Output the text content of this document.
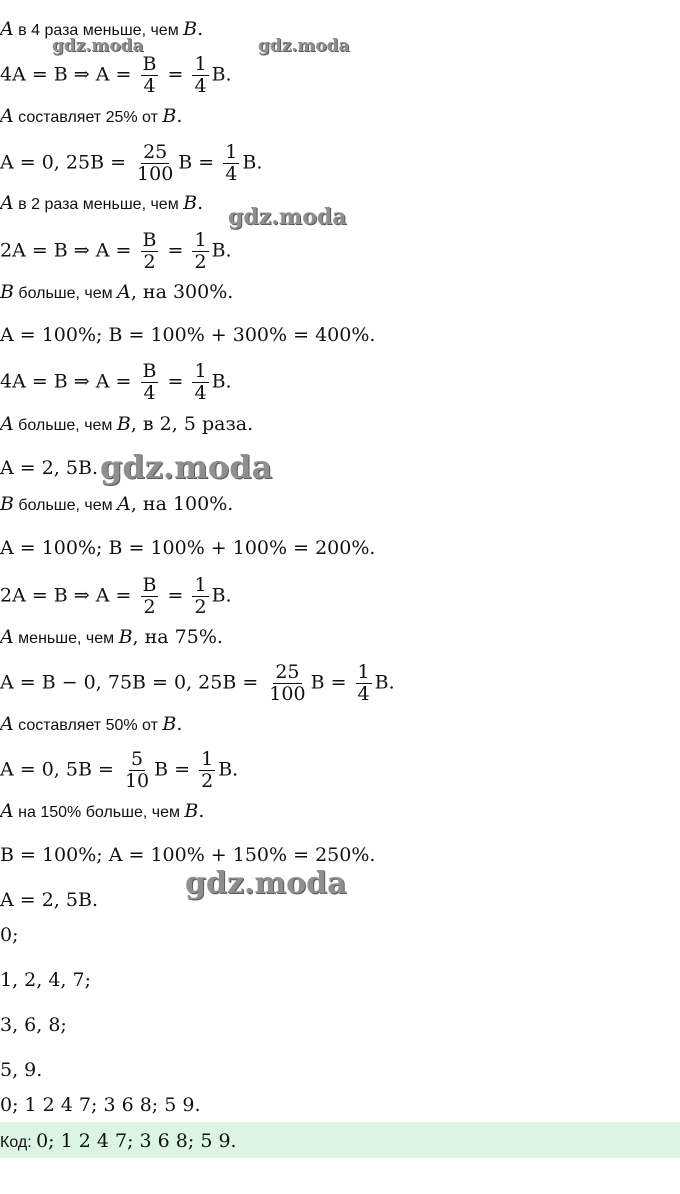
A в 4 раза меньше, чем B.
4A = B ⇒ $A = \frac{B}{4} = \frac{1}{4} B$.
A составляет 25% от B.
A = 0, $25B = \frac{25}{100}$ $B = \frac{1}{4} B$.
A в 2 раза меньше, чем B.
2A = B ⇒ $A = \frac{B}{2} = \frac{1}{2} B$.
B больше, чем A, на 300%.
A = 100%; B = 100% + 300% = 400%.
4A = B ⇒ $A = \frac{B}{4} = \frac{1}{4} B$.
A больше, чем B, в 2, 5 раза.
A = 2, 5B.
B больше, чем A, на 100%.
A = 100%; B = 100% + 100% = 200%.
2A = B ⇒ $A = \frac{B}{2} = \frac{1}{2} B$.
A меньше, чем B, на 75%.
A = B − 0, 75B = 0, $25B = \frac{25}{100}$ $B = \frac{1}{4} B$.
A составляет 50% от B.
A = 0, $5B = \frac{5}{10}$ $B = \frac{1}{2} B$.
A на 150% больше, чем B.
B = 100%; A = 100% + 150% = 250%.
A = 2, 5B.
0;
1, 2, 4, 7;
3, 6, 8;
5, 9.
0; 1 2 4 7; 3 6 8; 5 9.
Код: 0; 1 2 4 7; 3 6 8; 5 9.
gdz.moda	gdz.moda
gdz.moda
gdz.moda
gdz.moda
